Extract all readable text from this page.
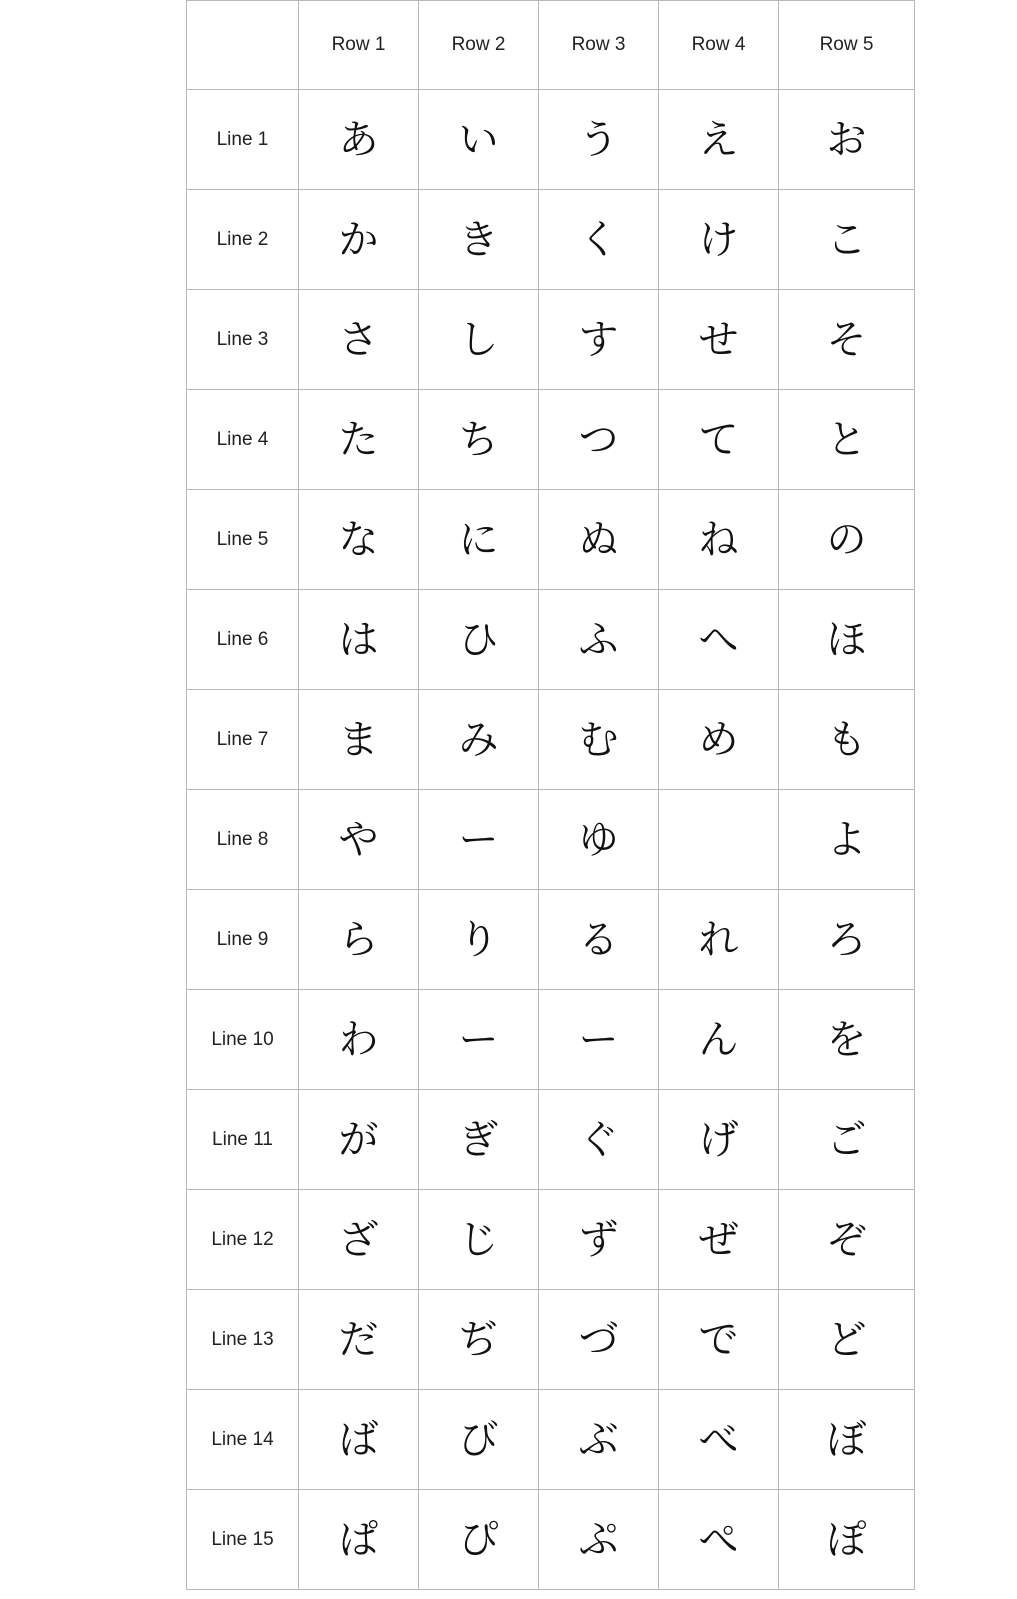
	Row 1	Row 2	Row 3	Row 4	Row 5
Line 1	あ	い	う	え	お
Line 2	か	き	く	け	こ
Line 3	さ	し	す	せ	そ
Line 4	た	ち	つ	て	と
Line 5	な	に	ぬ	ね	の
Line 6	は	ひ	ふ	へ	ほ
Line 7	ま	み	む	め	も
Line 8	や	ー	ゆ		よ
Line 9	ら	り	る	れ	ろ
Line 10	わ	ー	ー	ん	を
Line 11	が	ぎ	ぐ	げ	ご
Line 12	ざ	じ	ず	ぜ	ぞ
Line 13	だ	ぢ	づ	で	ど
Line 14	ば	び	ぶ	べ	ぼ
Line 15	ぱ	ぴ	ぷ	ぺ	ぽ
